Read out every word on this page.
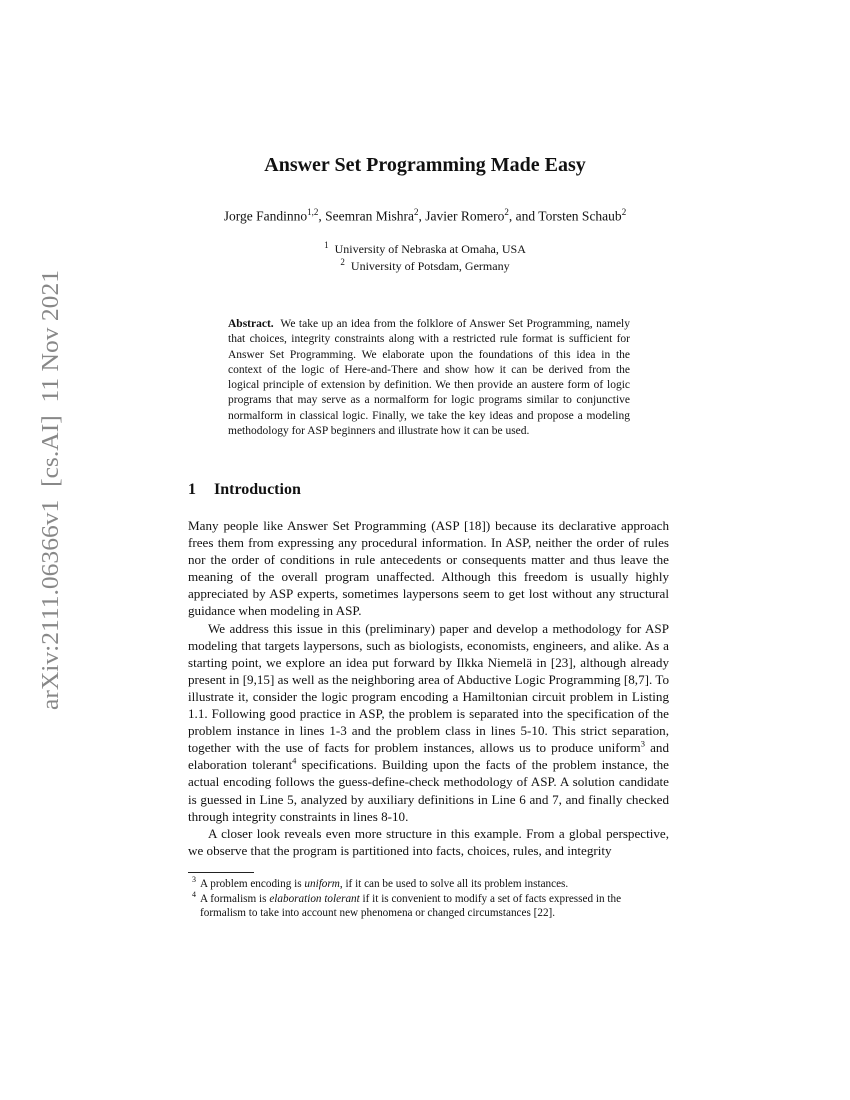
arXiv:2111.06366v1  [cs.AI]  11 Nov 2021
Answer Set Programming Made Easy
Jorge Fandinno$^{1,2}$, Seemran Mishra$^2$, Javier Romero$^2$, and Torsten Schaub$^2$
$^1$ University of Nebraska at Omaha, USA
$^2$ University of Potsdam, Germany
Abstract. We take up an idea from the folklore of Answer Set Programming, namely that choices, integrity constraints along with a restricted rule format is sufficient for Answer Set Programming. We elaborate upon the foundations of this idea in the context of the logic of Here-and-There and show how it can be derived from the logical principle of extension by definition. We then provide an austere form of logic programs that may serve as a normalform for logic programs similar to conjunctive normalform in classical logic. Finally, we take the key ideas and propose a modeling methodology for ASP beginners and illustrate how it can be used.
1 Introduction

Many people like Answer Set Programming (ASP [18]) because its declarative approach frees them from expressing any procedural information. In ASP, neither the order of rules nor the order of conditions in rule antecedents or consequents matter and thus leave the meaning of the overall program unaffected. Although this freedom is usually highly appreciated by ASP experts, sometimes laypersons seem to get lost without any structural guidance when modeling in ASP.

We address this issue in this (preliminary) paper and develop a methodology for ASP modeling that targets laypersons, such as biologists, economists, engineers, and alike. As a starting point, we explore an idea put forward by Ilkka Niemelä in [23], although already present in [9,15] as well as the neighboring area of Abductive Logic Programming [8,7]. To illustrate it, consider the logic program encoding a Hamiltonian circuit problem in Listing 1.1. Following good practice in ASP, the problem is separated into the specification of the problem instance in lines 1-3 and the problem class in lines 5-10. This strict separation, together with the use of facts for problem instances, allows us to produce uniform$^3$ and elaboration tolerant$^4$ specifications. Building upon the facts of the problem instance, the actual encoding follows the guess-define-check methodology of ASP. A solution candidate is guessed in Line 5, analyzed by auxiliary definitions in Line 6 and 7, and finally checked through integrity constraints in lines 8-10.

A closer look reveals even more structure in this example. From a global perspective, we observe that the program is partitioned into facts, choices, rules, and integrity

3 A problem encoding is uniform, if it can be used to solve all its problem instances.

4 A formalism is elaboration tolerant if it is convenient to modify a set of facts expressed in the formalism to take into account new phenomena or changed circumstances [22].
